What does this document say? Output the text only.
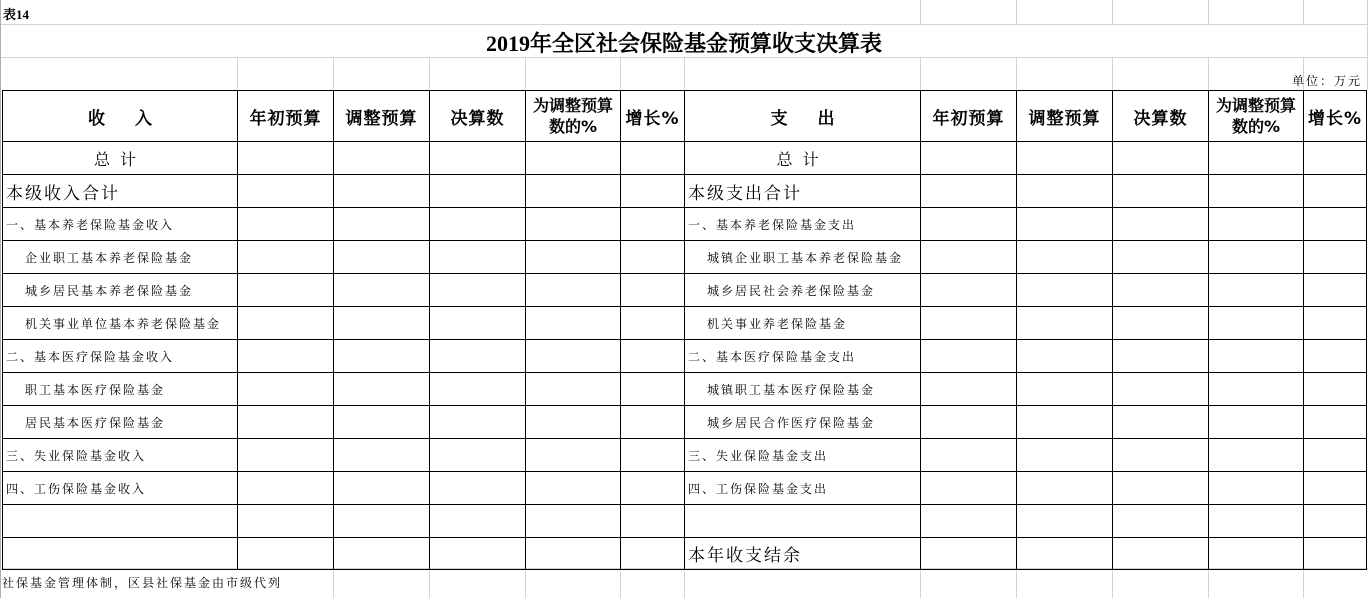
表14
2019年全区社会保险基金预算收支决算表
单位：万元
收入	年初预算	调整预算	决算数	为调整预算数的%	增长%	支出	年初预算	调整预算	决算数	为调整预算数的%	增长%
总计						总计					
本级收入合计						本级支出合计					
一、基本养老保险基金收入						一、基本养老保险基金支出					
企业职工基本养老保险基金						城镇企业职工基本养老保险基金					
城乡居民基本养老保险基金						城乡居民社会养老保险基金					
机关事业单位基本养老保险基金						机关事业养老保险基金					
二、基本医疗保险基金收入						二、基本医疗保险基金支出					
职工基本医疗保险基金						城镇职工基本医疗保险基金					
居民基本医疗保险基金						城乡居民合作医疗保险基金					
三、失业保险基金收入						三、失业保险基金支出					
四、工伤保险基金收入						四、工伤保险基金支出					

						本年收支结余					
社保基金管理体制，区县社保基金由市级代列
